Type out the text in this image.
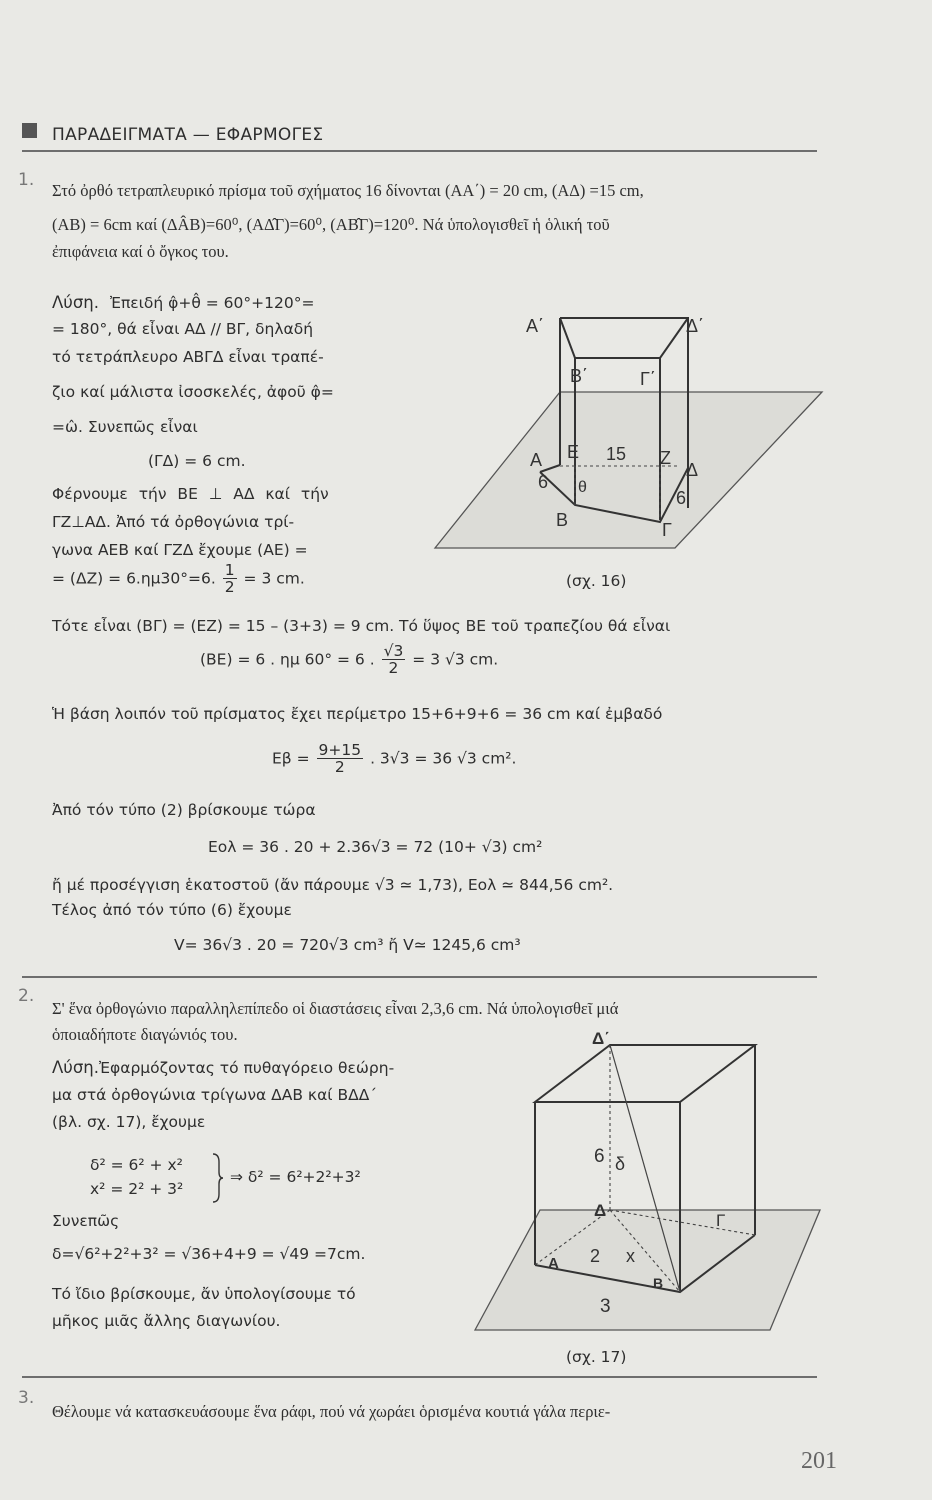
ΠΑΡΑΔΕΙΓΜΑΤΑ — ΕΦΑΡΜΟΓΕΣ
1.
Στό ὀρθό τετραπλευρικό πρίσμα τοῦ σχήματος 16 δίνονται (ΑΑ΄) = 20 cm, (ΑΔ) =15 cm,
(ΑΒ) = 6cm καί (ΔÂΒ)=60⁰, (ΑΔ̂Γ)=60⁰, (ΑΒ̂Γ)=120⁰. Νά ὑπολογισθεῖ ἡ ὁλική τοῦ
ἐπιφάνεια καί ὁ ὄγκος του.
Λύση. Ἐπειδή φ̂+θ̂ = 60°+120°=
= 180°, θά εἶναι ΑΔ // ΒΓ, δηλαδή
τό τετράπλευρο ΑΒΓΔ εἶναι τραπέ-
ζιο καί μάλιστα ἰσοσκελές, ἀφοῦ φ̂=
=ω̂. Συνεπῶς εἶναι
(ΓΔ) = 6 cm.
Φέρνουμε τήν ΒΕ ⊥ ΑΔ καί τήν
ΓΖ⊥ΑΔ. Ἀπό τά ὀρθογώνια τρί-
γωνα ΑΕΒ καί ΓΖΔ ἔχουμε (ΑΕ) =
= (ΔΖ) = 6.ημ30°=6. $\frac{1}{2} = 3$ cm.
Α΄	Δ΄
Β΄	Γ΄
Α Ε 15 Ζ
Δ
6 θ
6
Β	Γ
(σχ. 16)
Τότε εἶναι (ΒΓ) = (ΕΖ) = 15 – (3+3) = 9 cm. Τό ὕψος ΒΕ τοῦ τραπεζίου θά εἶναι
(ΒΕ) = 6 . ημ 60° = 6 . $\frac{√3}{2} = 3$ √3 cm.
Ἡ βάση λοιπόν τοῦ πρίσματος ἔχει περίμετρο 15+6+9+6 = 36 cm καί ἐμβαδό
$E\beta = \frac{9+15}{2}$ . 3√3 = 36 √3 cm².
Ἀπό τόν τύπο (2) βρίσκουμε τώρα
Eολ = 36 . 20 + 2.36√3 = 72 (10+ √3) cm²
ἤ μέ προσέγγιση ἑκατοστοῦ (ἄν πάρουμε √3 ≃ 1,73), Eολ ≃ 844,56 cm².
Τέλος ἀπό τόν τύπο (6) ἔχουμε
V= 36√3 . 20 = 720√3 cm³ ἤ V≃ 1245,6 cm³
2.
Σ' ἕνα ὀρθογώνιο παραλληλεπίπεδο οἱ διαστάσεις εἶναι 2,3,6 cm. Νά ὑπολογισθεῖ μιά
ὁποιαδήποτε διαγώνιός του.
Λύση.Ἐφαρμόζοντας τό πυθαγόρειο θεώρη-
μα στά ὀρθογώνια τρίγωνα ΔΑΒ καί ΒΔΔ΄
(βλ. σχ. 17), ἔχουμε
δ² = 6² + x²
x² = 2² + 3²
⇒ δ² = 6²+2²+3²
Συνεπῶς
δ=√6²+2²+3² = √36+4+9 = √49 =7cm.
Τό ἴδιο βρίσκουμε, ἄν ὑπολογίσουμε τό
μῆκος μιᾶς ἄλλης διαγωνίου.
Δ΄
6 δ
Δ
Γ
Α 2 x
Β
3
(σχ. 17)
3.
Θέλουμε νά κατασκευάσουμε ἕνα ράφι, πού νά χωράει ὁρισμένα κουτιά γάλα περιε-
201
